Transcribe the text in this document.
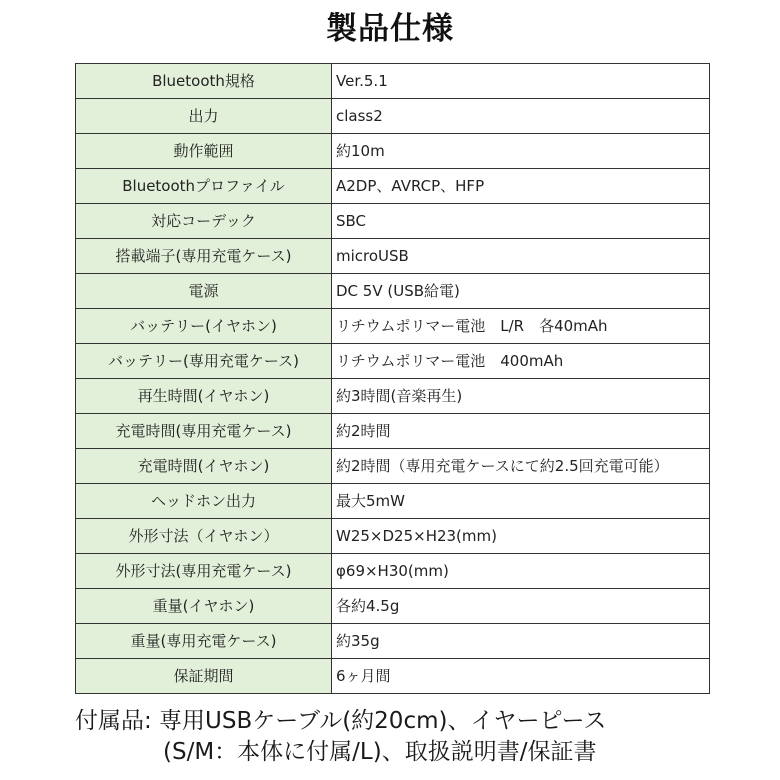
製品仕様
Bluetooth規格	Ver.5.1
出力	class2
動作範囲	約10m
Bluetoothプロファイル	A2DP、AVRCP、HFP
対応コーデック	SBC
搭載端子(専用充電ケース)	microUSB
電源	DC 5V (USB給電)
バッテリー(イヤホン)	リチウムポリマー電池　L/R　各40mAh
バッテリー(専用充電ケース)	リチウムポリマー電池　400mAh
再生時間(イヤホン)	約3時間(音楽再生)
充電時間(専用充電ケース)	約2時間
充電時間(イヤホン)	約2時間（専用充電ケースにて約2.5回充電可能）
ヘッドホン出力	最大5mW
外形寸法（イヤホン）	W25×D25×H23(mm)
外形寸法(専用充電ケース)	φ69×H30(mm)
重量(イヤホン)	各約4.5g
重量(専用充電ケース)	約35g
保証期間	6ヶ月間
付属品: 専用USBケーブル(約20cm)、イヤーピース
(S/M：本体に付属/L)、取扱説明書/保証書
